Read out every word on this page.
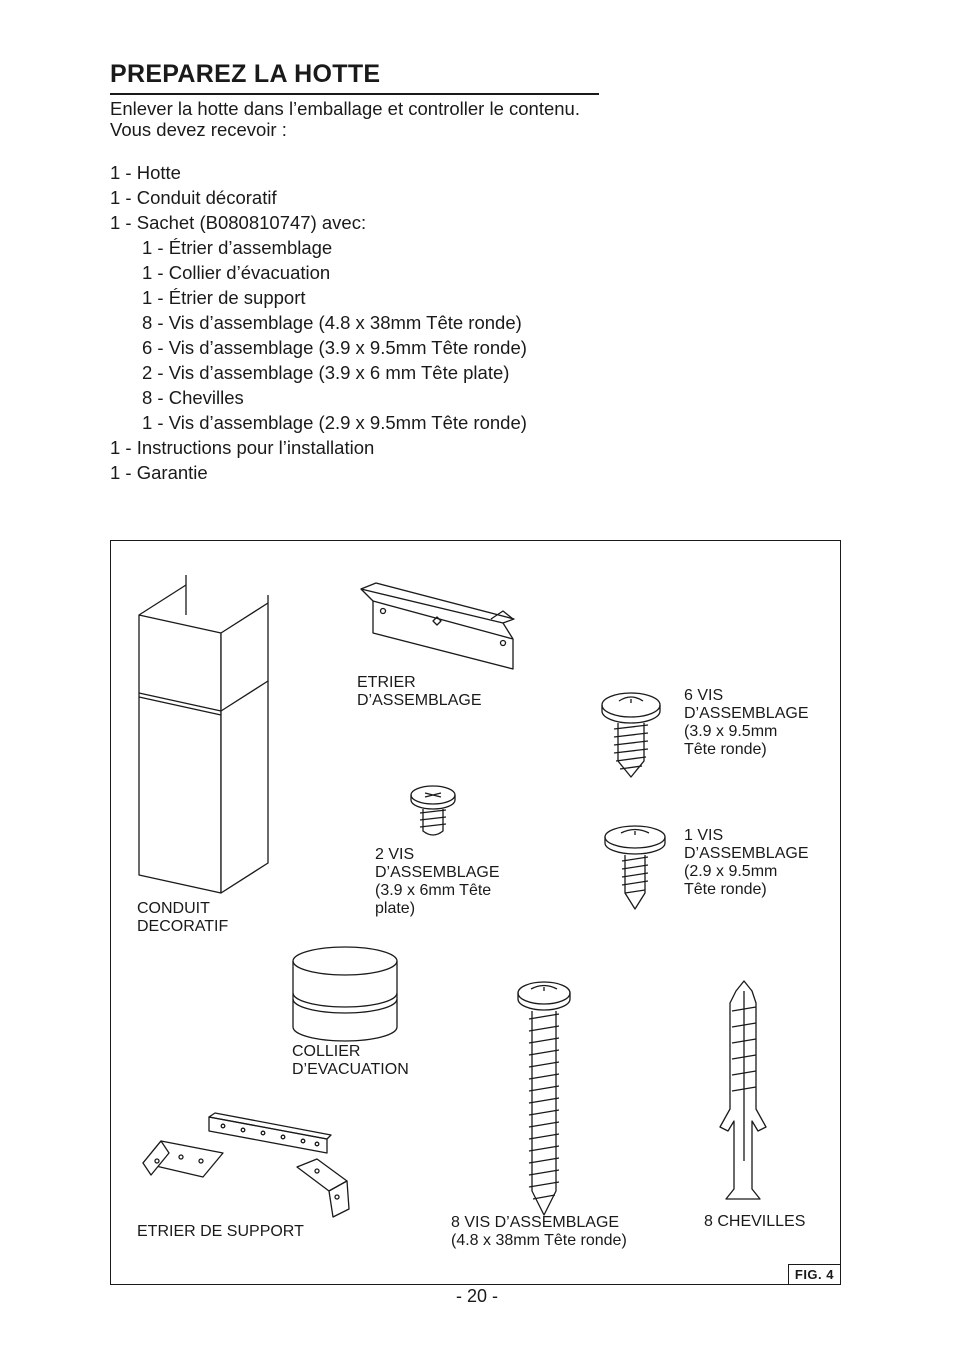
PREPAREZ LA HOTTE

Enlever la hotte dans l’emballage et controller le contenu.

Vous devez recevoir :

1 - Hotte
1 - Conduit décoratif
1 - Sachet (B080810747) avec:
1 - Étrier d’assemblage
1 - Collier d’évacuation
1 - Étrier de support
8 - Vis d’assemblage (4.8 x 38mm Tête ronde)
6 - Vis d’assemblage (3.9 x 9.5mm Tête ronde)
2 - Vis d’assemblage (3.9 x 6 mm Tête plate)
8 - Chevilles
1 - Vis d’assemblage (2.9 x 9.5mm Tête ronde)
1 - Instructions pour l’installation
1 - Garantie
ETRIER
D’ASSEMBLAGE	6 VIS
D’ASSEMBLAGE
(3.9 x 9.5mm
Tête ronde)
2 VIS
D’ASSEMBLAGE
(3.9 x 6mm Tête
plate)
1 VIS
D’ASSEMBLAGE
(2.9 x 9.5mm
Tête ronde)
CONDUIT
DECORATIF
COLLIER
D’EVACUATION
ETRIER DE SUPPORT
8 VIS D’ASSEMBLAGE
(4.8 x 38mm Tête ronde)
8 CHEVILLES
FIG. 4
- 20 -
